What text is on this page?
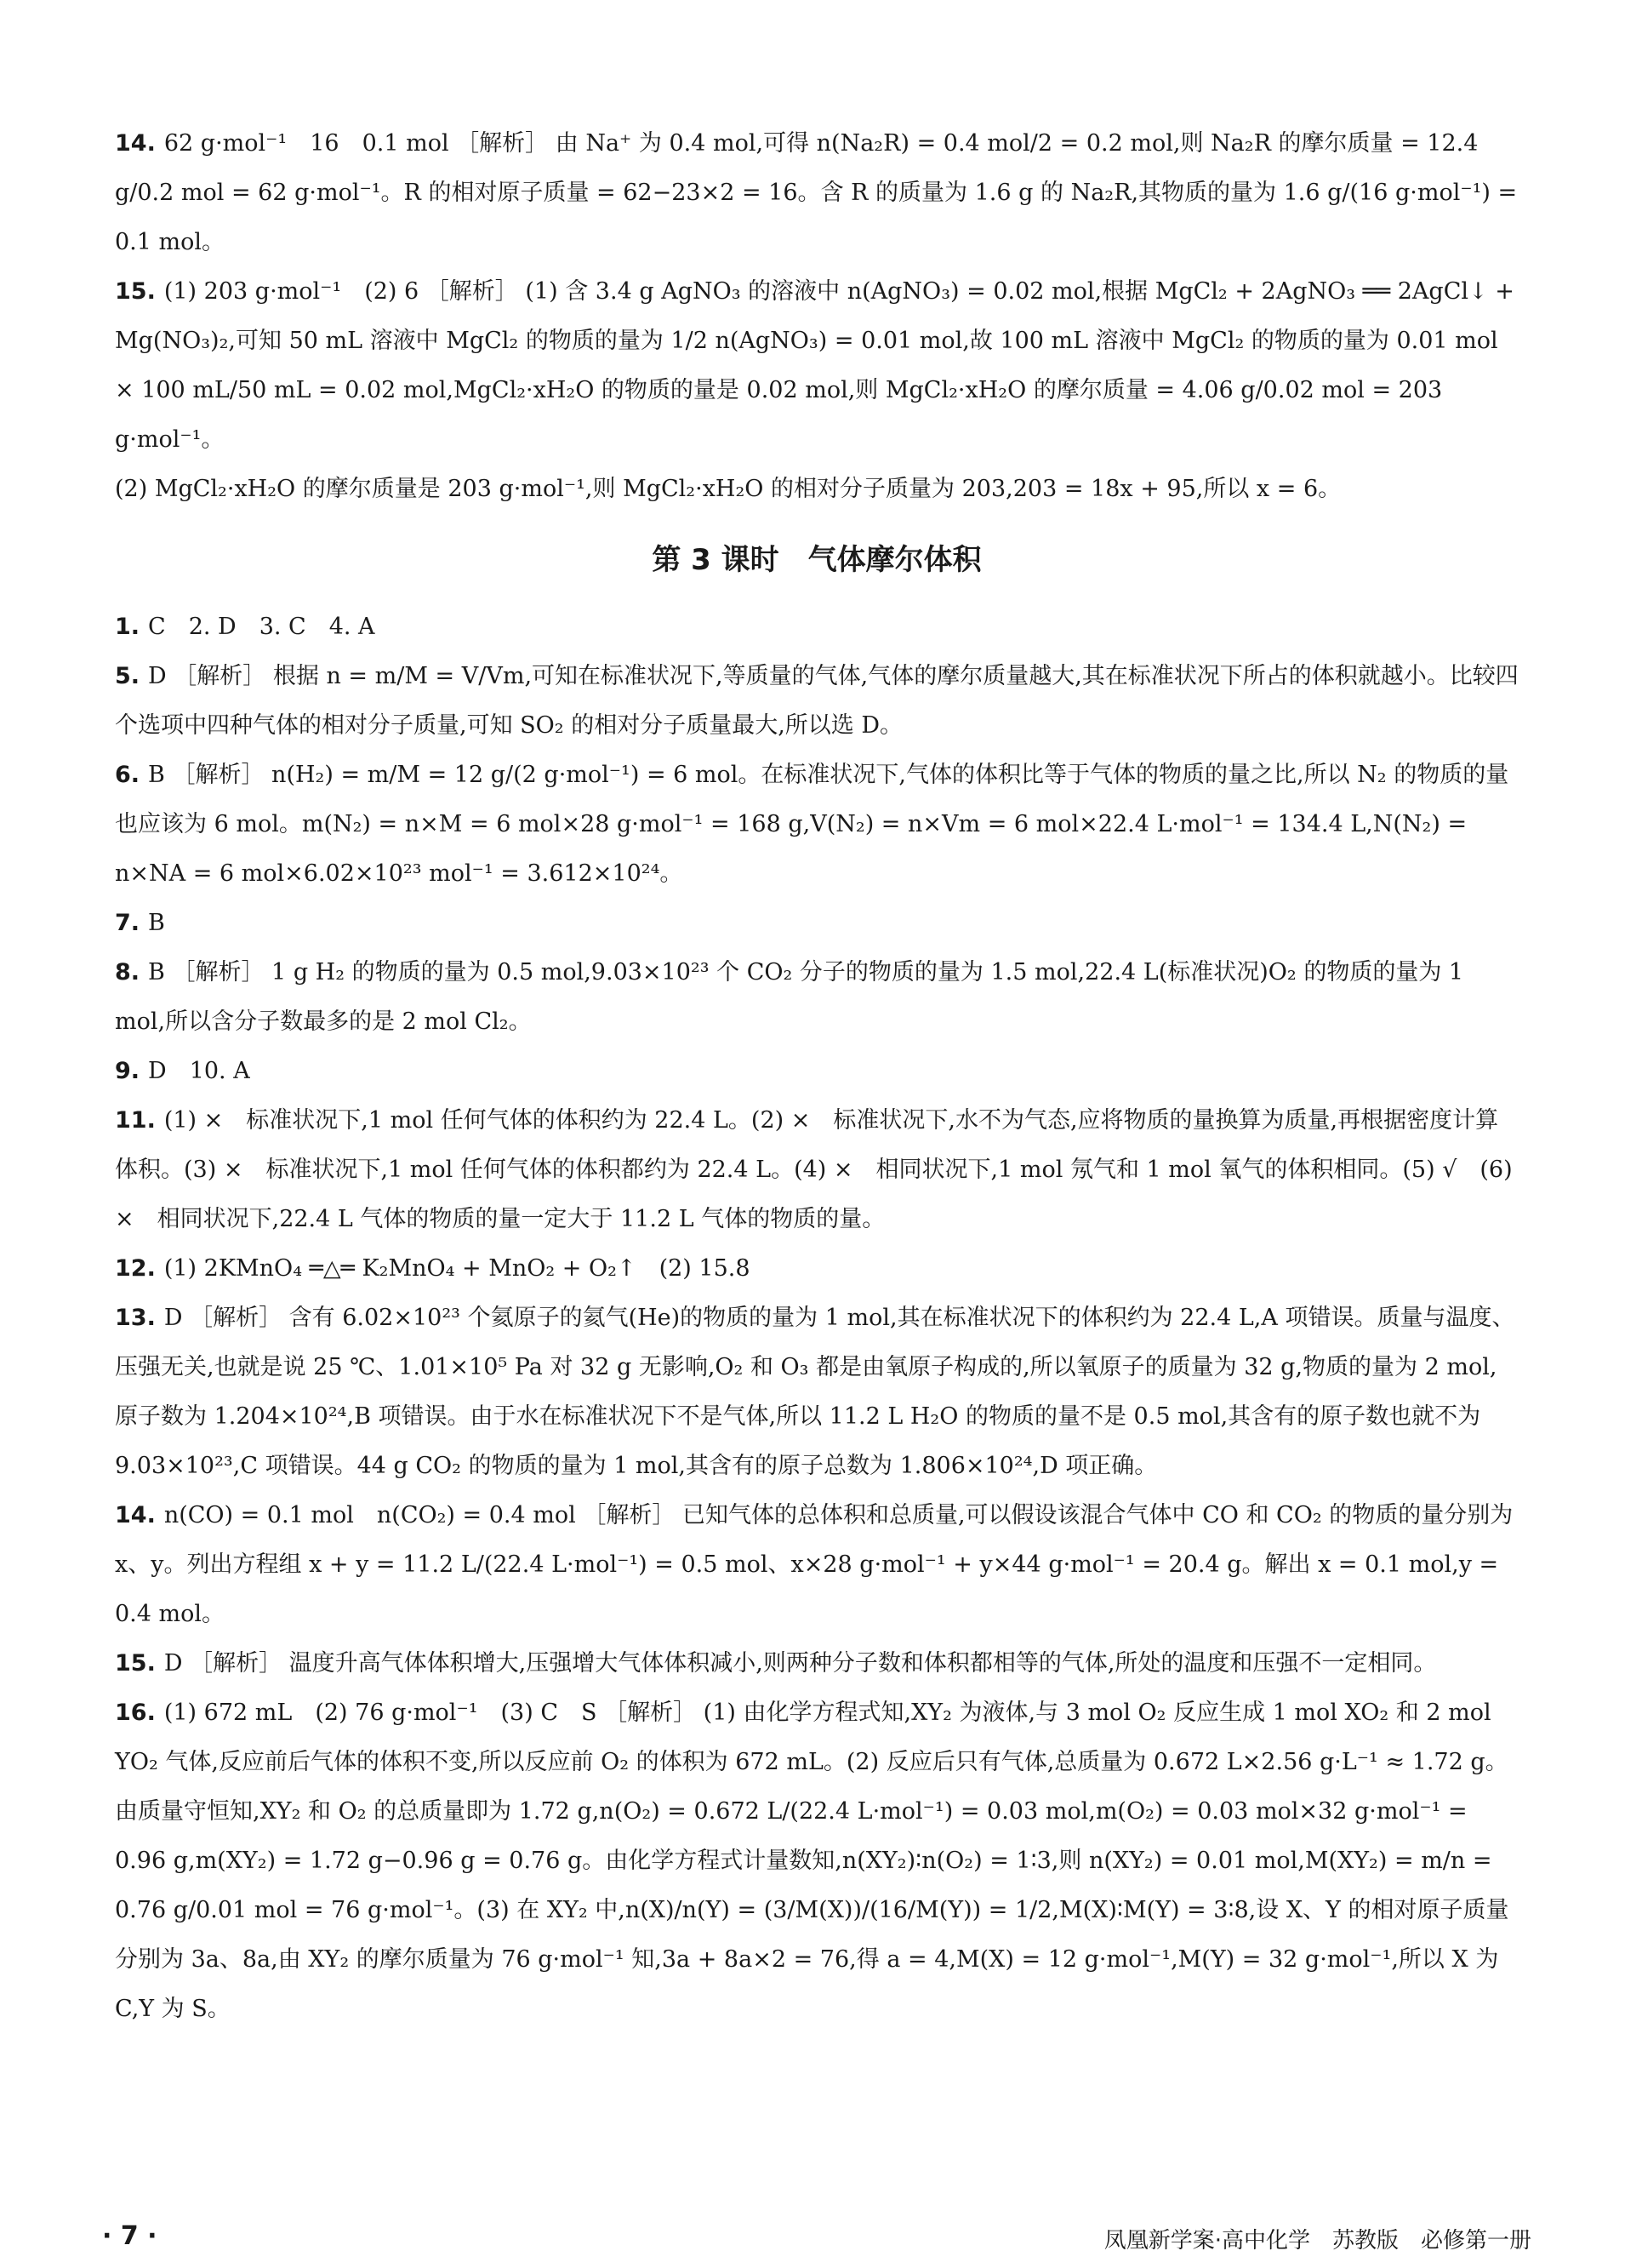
14. 62 g·mol⁻¹　16　0.1 mol ［解析］ 由 Na⁺ 为 0.4 mol,可得 n(Na₂R) = 0.4 mol/2 = 0.2 mol,则 Na₂R 的摩尔质量 = 12.4 g/0.2 mol = 62 g·mol⁻¹。R 的相对原子质量 = 62−23×2 = 16。含 R 的质量为 1.6 g 的 Na₂R,其物质的量为 1.6 g/(16 g·mol⁻¹) = 0.1 mol。

15. (1) 203 g·mol⁻¹　(2) 6 ［解析］ (1) 含 3.4 g AgNO₃ 的溶液中 n(AgNO₃) = 0.02 mol,根据 MgCl₂ + 2AgNO₃ ══ 2AgCl↓ + Mg(NO₃)₂,可知 50 mL 溶液中 MgCl₂ 的物质的量为 1/2 n(AgNO₃) = 0.01 mol,故 100 mL 溶液中 MgCl₂ 的物质的量为 0.01 mol × 100 mL/50 mL = 0.02 mol,MgCl₂·xH₂O 的物质的量是 0.02 mol,则 MgCl₂·xH₂O 的摩尔质量 = 4.06 g/0.02 mol = 203 g·mol⁻¹。

(2) MgCl₂·xH₂O 的摩尔质量是 203 g·mol⁻¹,则 MgCl₂·xH₂O 的相对分子质量为 203,203 = 18x + 95,所以 x = 6。

第 3 课时　气体摩尔体积

1. C　2. D　3. C　4. A

5. D ［解析］ 根据 n = m/M = V/Vm,可知在标准状况下,等质量的气体,气体的摩尔质量越大,其在标准状况下所占的体积就越小。比较四个选项中四种气体的相对分子质量,可知 SO₂ 的相对分子质量最大,所以选 D。

6. B ［解析］ n(H₂) = m/M = 12 g/(2 g·mol⁻¹) = 6 mol。在标准状况下,气体的体积比等于气体的物质的量之比,所以 N₂ 的物质的量也应该为 6 mol。m(N₂) = n×M = 6 mol×28 g·mol⁻¹ = 168 g,V(N₂) = n×Vm = 6 mol×22.4 L·mol⁻¹ = 134.4 L,N(N₂) = n×NA = 6 mol×6.02×10²³ mol⁻¹ = 3.612×10²⁴。

7. B

8. B ［解析］ 1 g H₂ 的物质的量为 0.5 mol,9.03×10²³ 个 CO₂ 分子的物质的量为 1.5 mol,22.4 L(标准状况)O₂ 的物质的量为 1 mol,所以含分子数最多的是 2 mol Cl₂。

9. D　10. A

11. (1) ×　标准状况下,1 mol 任何气体的体积约为 22.4 L。(2) ×　标准状况下,水不为气态,应将物质的量换算为质量,再根据密度计算体积。(3) ×　标准状况下,1 mol 任何气体的体积都约为 22.4 L。(4) ×　相同状况下,1 mol 氖气和 1 mol 氧气的体积相同。(5) √　(6) ×　相同状况下,22.4 L 气体的物质的量一定大于 11.2 L 气体的物质的量。

12. (1) 2KMnO₄ ═△═ K₂MnO₄ + MnO₂ + O₂↑　(2) 15.8

13. D ［解析］ 含有 6.02×10²³ 个氦原子的氦气(He)的物质的量为 1 mol,其在标准状况下的体积约为 22.4 L,A 项错误。质量与温度、压强无关,也就是说 25 ℃、1.01×10⁵ Pa 对 32 g 无影响,O₂ 和 O₃ 都是由氧原子构成的,所以氧原子的质量为 32 g,物质的量为 2 mol,原子数为 1.204×10²⁴,B 项错误。由于水在标准状况下不是气体,所以 11.2 L H₂O 的物质的量不是 0.5 mol,其含有的原子数也就不为 9.03×10²³,C 项错误。44 g CO₂ 的物质的量为 1 mol,其含有的原子总数为 1.806×10²⁴,D 项正确。

14. n(CO) = 0.1 mol　n(CO₂) = 0.4 mol ［解析］ 已知气体的总体积和总质量,可以假设该混合气体中 CO 和 CO₂ 的物质的量分别为 x、y。列出方程组 x + y = 11.2 L/(22.4 L·mol⁻¹) = 0.5 mol、x×28 g·mol⁻¹ + y×44 g·mol⁻¹ = 20.4 g。解出 x = 0.1 mol,y = 0.4 mol。

15. D ［解析］ 温度升高气体体积增大,压强增大气体体积减小,则两种分子数和体积都相等的气体,所处的温度和压强不一定相同。

16. (1) 672 mL　(2) 76 g·mol⁻¹　(3) C　S ［解析］ (1) 由化学方程式知,XY₂ 为液体,与 3 mol O₂ 反应生成 1 mol XO₂ 和 2 mol YO₂ 气体,反应前后气体的体积不变,所以反应前 O₂ 的体积为 672 mL。(2) 反应后只有气体,总质量为 0.672 L×2.56 g·L⁻¹ ≈ 1.72 g。由质量守恒知,XY₂ 和 O₂ 的总质量即为 1.72 g,n(O₂) = 0.672 L/(22.4 L·mol⁻¹) = 0.03 mol,m(O₂) = 0.03 mol×32 g·mol⁻¹ = 0.96 g,m(XY₂) = 1.72 g−0.96 g = 0.76 g。由化学方程式计量数知,n(XY₂)∶n(O₂) = 1∶3,则 n(XY₂) = 0.01 mol,M(XY₂) = m/n = 0.76 g/0.01 mol = 76 g·mol⁻¹。(3) 在 XY₂ 中,n(X)/n(Y) = (3/M(X))/(16/M(Y)) = 1/2,M(X)∶M(Y) = 3∶8,设 X、Y 的相对原子质量分别为 3a、8a,由 XY₂ 的摩尔质量为 76 g·mol⁻¹ 知,3a + 8a×2 = 76,得 a = 4,M(X) = 12 g·mol⁻¹,M(Y) = 32 g·mol⁻¹,所以 X 为 C,Y 为 S。

· 7 ·	凤凰新学案·高中化学　苏教版　必修第一册
